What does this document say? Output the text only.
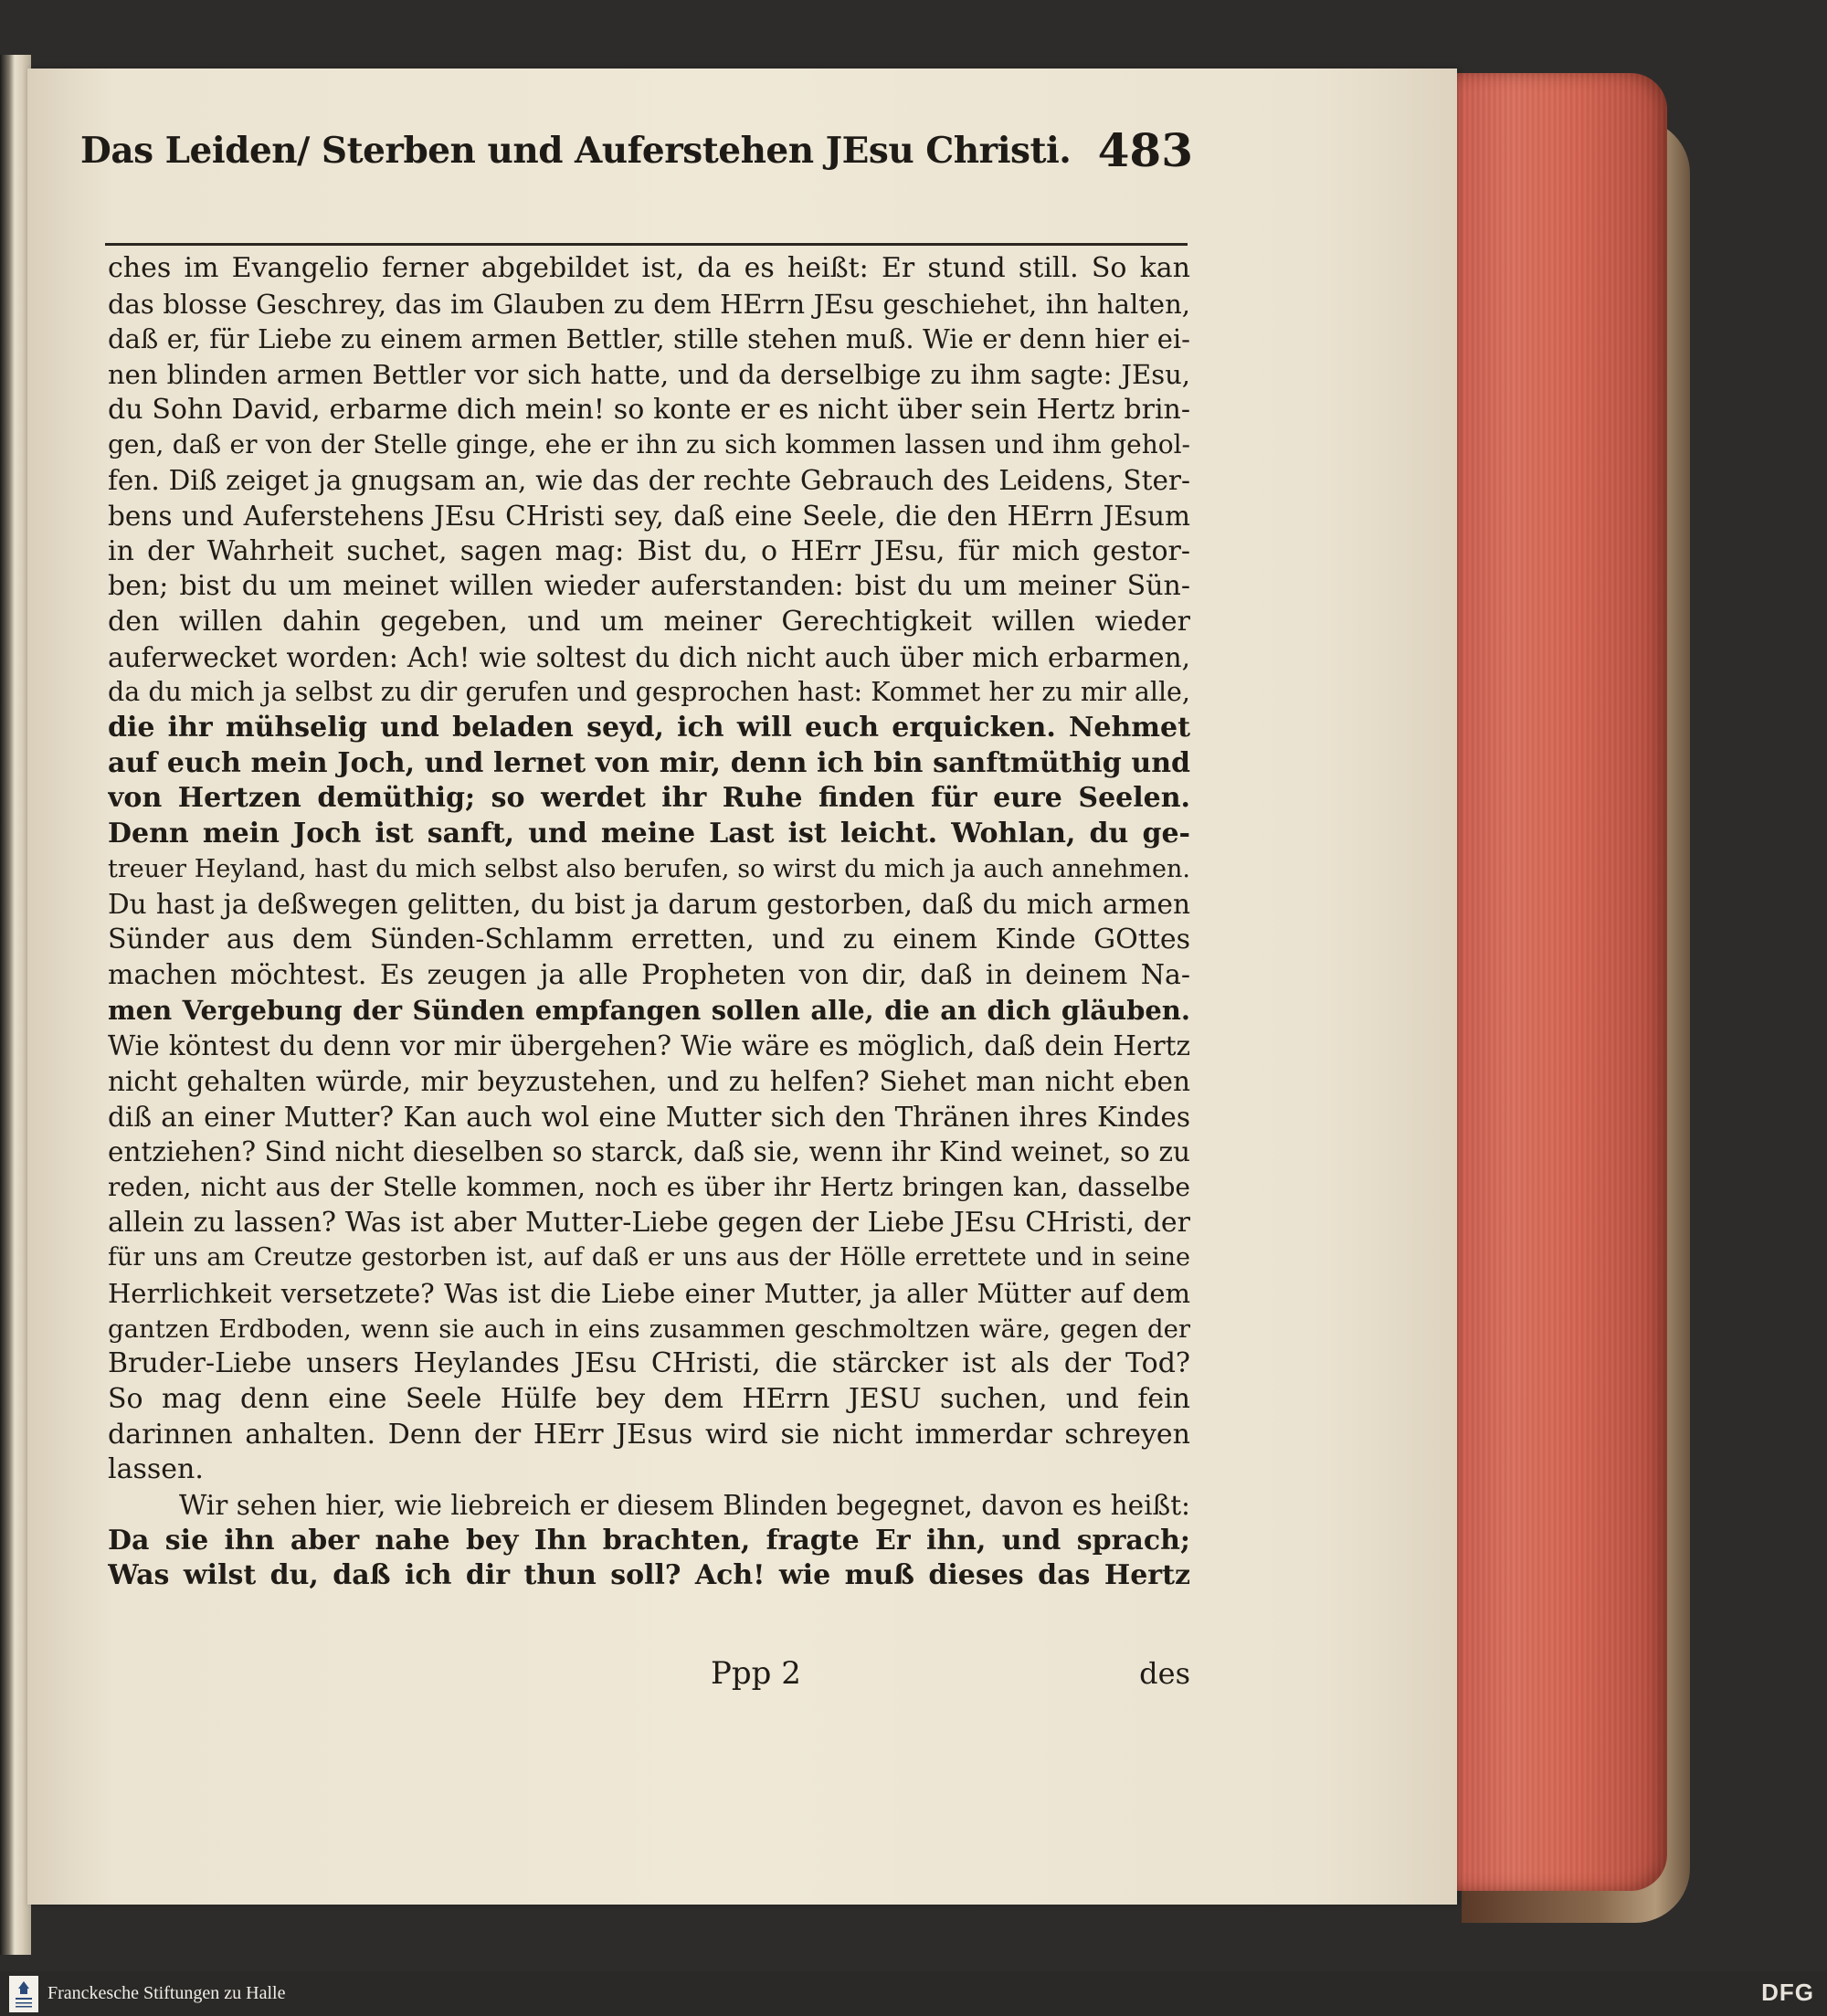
Das Leiden/ Sterben und Auferstehen JEsu Christi. 483
ches im Evangelio ferner abgebildet ist, da es heißt: Er stund still. So kan
das blosse Geschrey, das im Glauben zu dem HErrn JEsu geschiehet, ihn halten,
daß er, für Liebe zu einem armen Bettler, stille stehen muß. Wie er denn hier ei-
nen blinden armen Bettler vor sich hatte, und da derselbige zu ihm sagte: JEsu,
du Sohn David, erbarme dich mein! so konte er es nicht über sein Hertz brin-
gen, daß er von der Stelle ginge, ehe er ihn zu sich kommen lassen und ihm gehol-
fen. Diß zeiget ja gnugsam an, wie das der rechte Gebrauch des Leidens, Ster-
bens und Auferstehens JEsu CHristi sey, daß eine Seele, die den HErrn JEsum
in der Wahrheit suchet, sagen mag: Bist du, o HErr JEsu, für mich gestor-
ben; bist du um meinet willen wieder auferstanden: bist du um meiner Sün-
den willen dahin gegeben, und um meiner Gerechtigkeit willen wieder
auferwecket worden: Ach! wie soltest du dich nicht auch über mich erbarmen,
da du mich ja selbst zu dir gerufen und gesprochen hast: Kommet her zu mir alle,
die ihr mühselig und beladen seyd, ich will euch erquicken. Nehmet
auf euch mein Joch, und lernet von mir, denn ich bin sanftmüthig und
von Hertzen demüthig; so werdet ihr Ruhe finden für eure Seelen.
Denn mein Joch ist sanft, und meine Last ist leicht. Wohlan, du ge-
treuer Heyland, hast du mich selbst also berufen, so wirst du mich ja auch annehmen.
Du hast ja deßwegen gelitten, du bist ja darum gestorben, daß du mich armen
Sünder aus dem Sünden-Schlamm erretten, und zu einem Kinde GOttes
machen möchtest. Es zeugen ja alle Propheten von dir, daß in deinem Na-
men Vergebung der Sünden empfangen sollen alle, die an dich gläuben.
Wie köntest du denn vor mir übergehen? Wie wäre es möglich, daß dein Hertz
nicht gehalten würde, mir beyzustehen, und zu helfen? Siehet man nicht eben
diß an einer Mutter? Kan auch wol eine Mutter sich den Thränen ihres Kindes
entziehen? Sind nicht dieselben so starck, daß sie, wenn ihr Kind weinet, so zu
reden, nicht aus der Stelle kommen, noch es über ihr Hertz bringen kan, dasselbe
allein zu lassen? Was ist aber Mutter-Liebe gegen der Liebe JEsu CHristi, der
für uns am Creutze gestorben ist, auf daß er uns aus der Hölle errettete und in seine
Herrlichkeit versetzete? Was ist die Liebe einer Mutter, ja aller Mütter auf dem
gantzen Erdboden, wenn sie auch in eins zusammen geschmoltzen wäre, gegen der
Bruder-Liebe unsers Heylandes JEsu CHristi, die stärcker ist als der Tod?
So mag denn eine Seele Hülfe bey dem HErrn JESU suchen, und fein
darinnen anhalten. Denn der HErr JEsus wird sie nicht immerdar schreyen
lassen.
Wir sehen hier, wie liebreich er diesem Blinden begegnet, davon es heißt:
Da sie ihn aber nahe bey Ihn brachten, fragte Er ihn, und sprach;
Was wilst du, daß ich dir thun soll? Ach! wie muß dieses das Hertz
Ppp 2	des
Franckesche Stiftungen zu Halle	DFG
